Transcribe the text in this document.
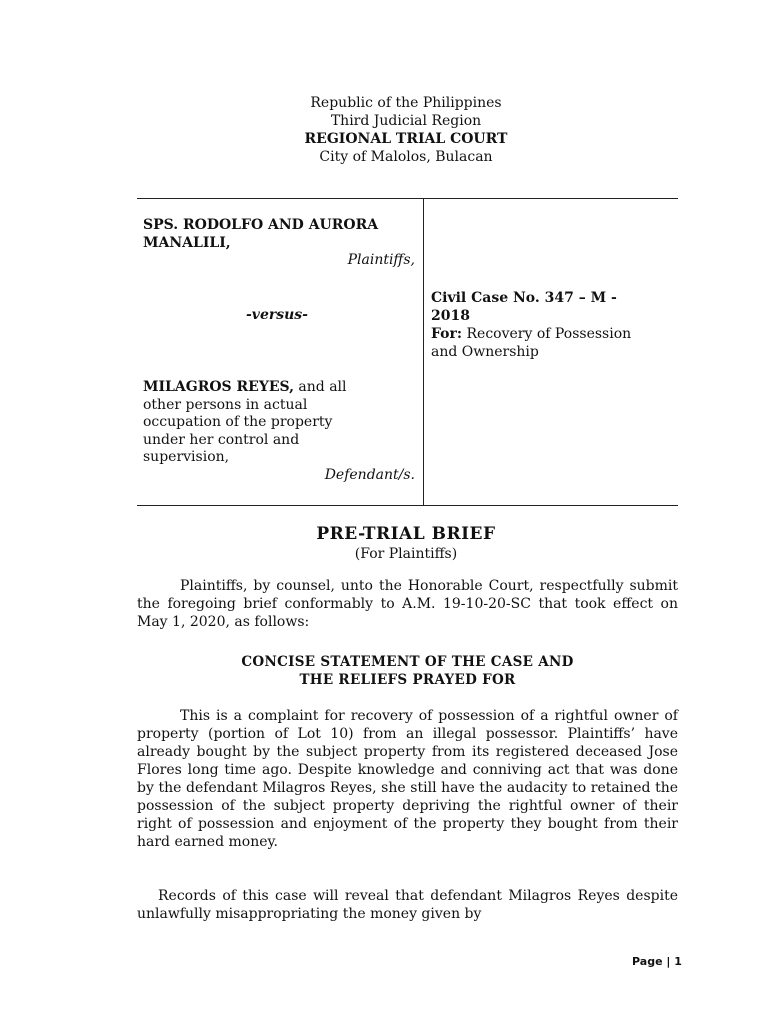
Republic of the Philippines
Third Judicial Region
REGIONAL TRIAL COURT
City of Malolos, Bulacan
SPS. RODOLFO AND AURORA
MANALILI,
Plaintiffs,
-versus-
MILAGROS REYES, and all
other persons in actual
occupation of the property
under her control and
supervision,
Defendant/s.
Civil Case No. 347 – M -
2018
For: Recovery of Possession
and Ownership
PRE-TRIAL BRIEF
(For Plaintiffs)
Plaintiffs, by counsel, unto the Honorable Court, respectfully submit the foregoing brief conformably to A.M. 19-10-20-SC that took effect on May 1, 2020, as follows:
CONCISE STATEMENT OF THE CASE AND
THE RELIEFS PRAYED FOR
This is a complaint for recovery of possession of a rightful owner of property (portion of Lot 10) from an illegal possessor. Plaintiffs’ have already bought by the subject property from its registered deceased Jose Flores long time ago. Despite knowledge and conniving act that was done by the defendant Milagros Reyes, she still have the audacity to retained the possession of the subject property depriving the rightful owner of their right of possession and enjoyment of the property they bought from their hard earned money.
Records of this case will reveal that defendant Milagros Reyes despite unlawfully misappropriating the money given by
Page | 1
